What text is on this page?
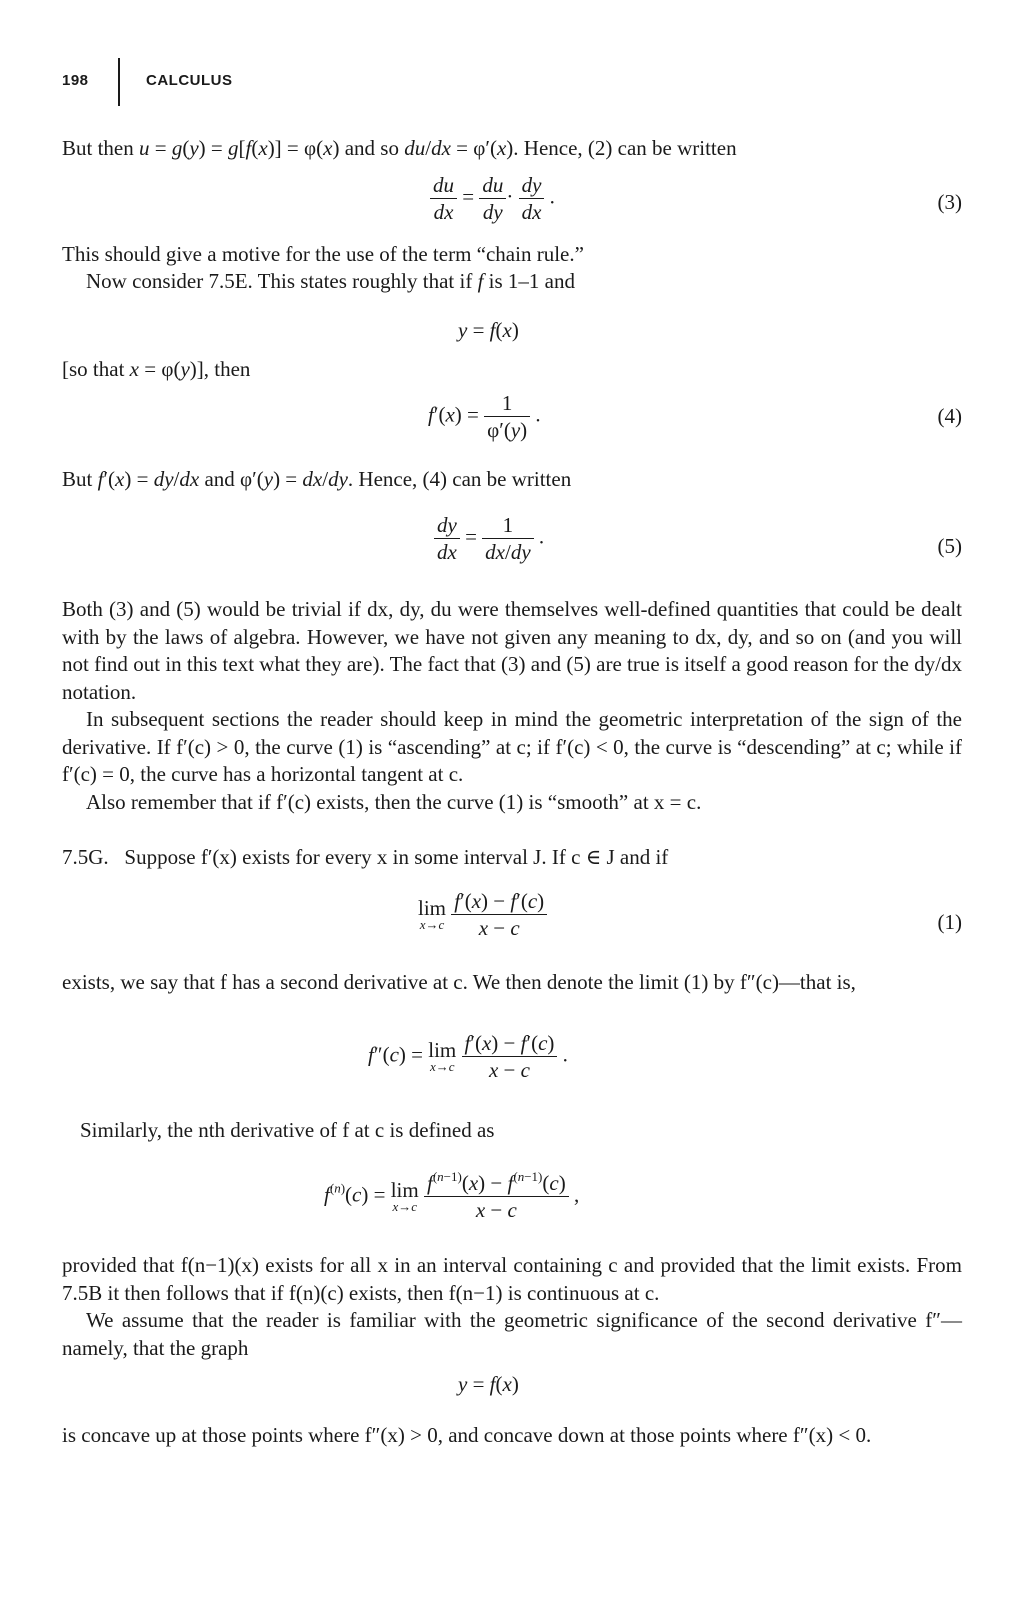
198	CALCULUS
But then u = g(y) = g[f(x)] = φ(x) and so du/dx = φ′(x). Hence, (2) can be written
$\frac{du}{dx} = \frac{du}{dy} \cdot \frac{dy}{dx}$ .	(3)
This should give a motive for the use of the term “chain rule.”
Now consider 7.5E. This states roughly that if f is 1–1 and
y = f(x)
[so that x = φ(y)], then
$f'(x) = \frac{1}{\varphi'(y)}$ .	(4)
But f′(x) = dy/dx and φ′(y) = dx/dy. Hence, (4) can be written
$\frac{dy}{dx} = \frac{1}{dx/dy}$ .	(5)
Both (3) and (5) would be trivial if dx, dy, du were themselves well-defined quantities that could be dealt with by the laws of algebra. However, we have not given any meaning to dx, dy, and so on (and you will not find out in this text what they are). The fact that (3) and (5) are true is itself a good reason for the dy/dx notation.
In subsequent sections the reader should keep in mind the geometric interpretation of the sign of the derivative. If f′(c) > 0, the curve (1) is “ascending” at c; if f′(c) < 0, the curve is “descending” at c; while if f′(c) = 0, the curve has a horizontal tangent at c.
Also remember that if f′(c) exists, then the curve (1) is “smooth” at x = c.
7.5G. Suppose f′(x) exists for every x in some interval J. If c ∈ J and if
lim
x→c
$\frac{f'(x) - f'(c)}{x - c}$	(1)
exists, we say that f has a second derivative at c. We then denote the limit (1) by f″(c)—that is,
f″(c) = lim
x→c
$\frac{f'(x) - f'(c)}{x - c}$ .
Similarly, the nth derivative of f at c is defined as
$f^{(n)}(c) = \lim$
x→c
$\frac{f^{(n-1)}(x) - f^{(n-1)}(c)}{x - c}$ ,
provided that f(n−1)(x) exists for all x in an interval containing c and provided that the limit exists. From 7.5B it then follows that if f(n)(c) exists, then f(n−1) is continuous at c.
We assume that the reader is familiar with the geometric significance of the second derivative f″—namely, that the graph
y = f(x)
is concave up at those points where f″(x) > 0, and concave down at those points where f″(x) < 0.
